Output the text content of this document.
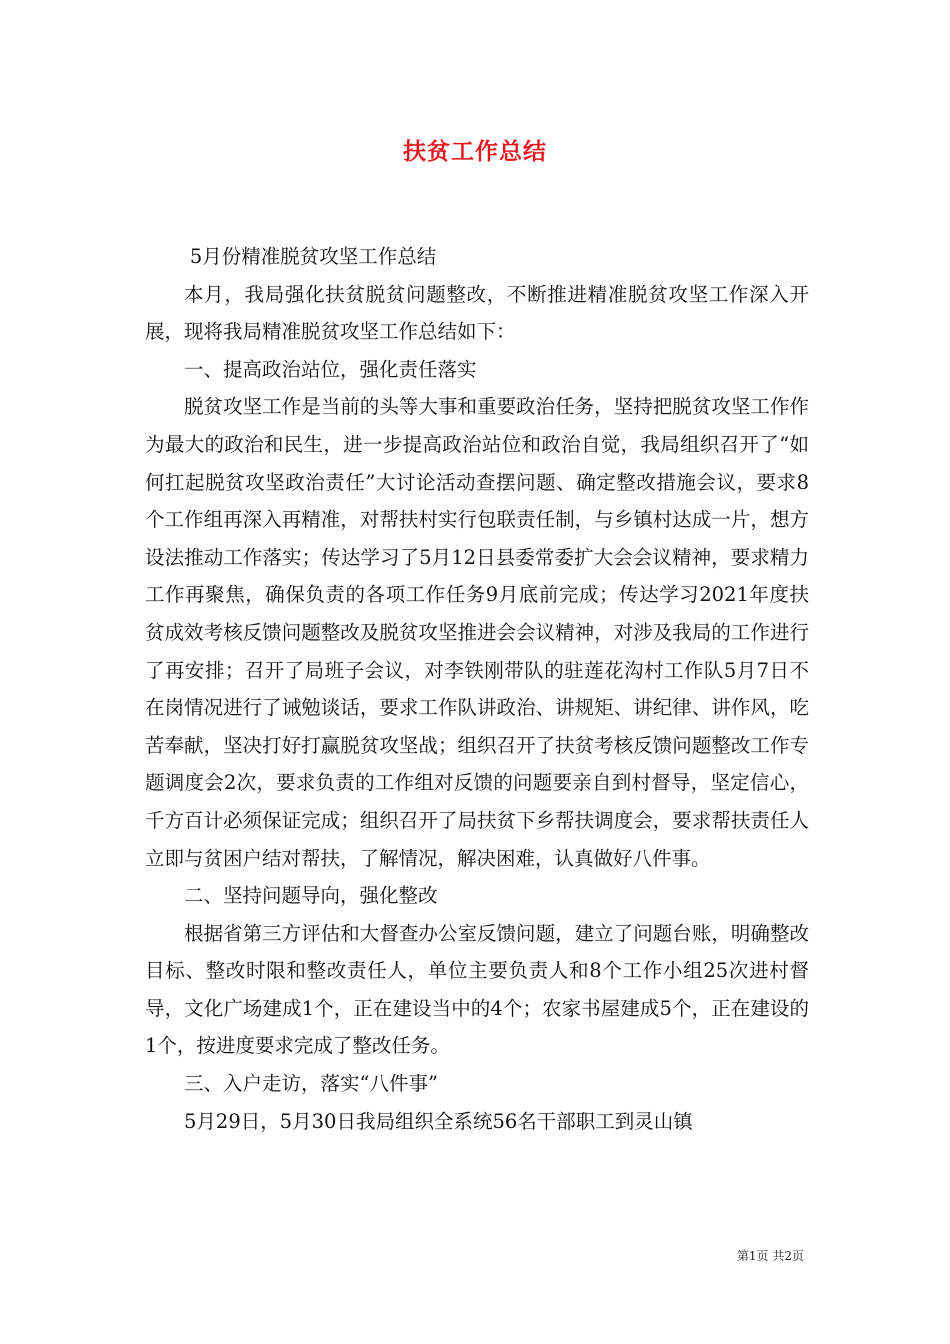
扶贫工作总结

5月份精准脱贫攻坚工作总结

本月，我局强化扶贫脱贫问题整改，不断推进精准脱贫攻坚工作深入开展，现将我局精准脱贫攻坚工作总结如下：

一、提高政治站位，强化责任落实

脱贫攻坚工作是当前的头等大事和重要政治任务，坚持把脱贫攻坚工作作为最大的政治和民生，进一步提高政治站位和政治自觉，我局组织召开了“如何扛起脱贫攻坚政治责任”大讨论活动查摆问题、确定整改措施会议，要求8个工作组再深入再精准，对帮扶村实行包联责任制，与乡镇村达成一片，想方设法推动工作落实；传达学习了5月12日县委常委扩大会会议精神，要求精力工作再聚焦，确保负责的各项工作任务9月底前完成；传达学习2021年度扶贫成效考核反馈问题整改及脱贫攻坚推进会会议精神，对涉及我局的工作进行了再安排；召开了局班子会议，对李铁刚带队的驻莲花沟村工作队5月7日不在岗情况进行了诫勉谈话，要求工作队讲政治、讲规矩、讲纪律、讲作风，吃苦奉献，坚决打好打赢脱贫攻坚战；组织召开了扶贫考核反馈问题整改工作专题调度会2次，要求负责的工作组对反馈的问题要亲自到村督导，坚定信心，千方百计必须保证完成；组织召开了局扶贫下乡帮扶调度会，要求帮扶责任人立即与贫困户结对帮扶，了解情况，解决困难，认真做好八件事。

二、坚持问题导向，强化整改

根据省第三方评估和大督查办公室反馈问题，建立了问题台账，明确整改目标、整改时限和整改责任人，单位主要负责人和8个工作小组25次进村督导，文化广场建成1个，正在建设当中的4个；农家书屋建成5个，正在建设的1个，按进度要求完成了整改任务。

三、入户走访，落实“八件事”

5月29日，5月30日我局组织全系统56名干部职工到灵山镇

第1页 共2页
